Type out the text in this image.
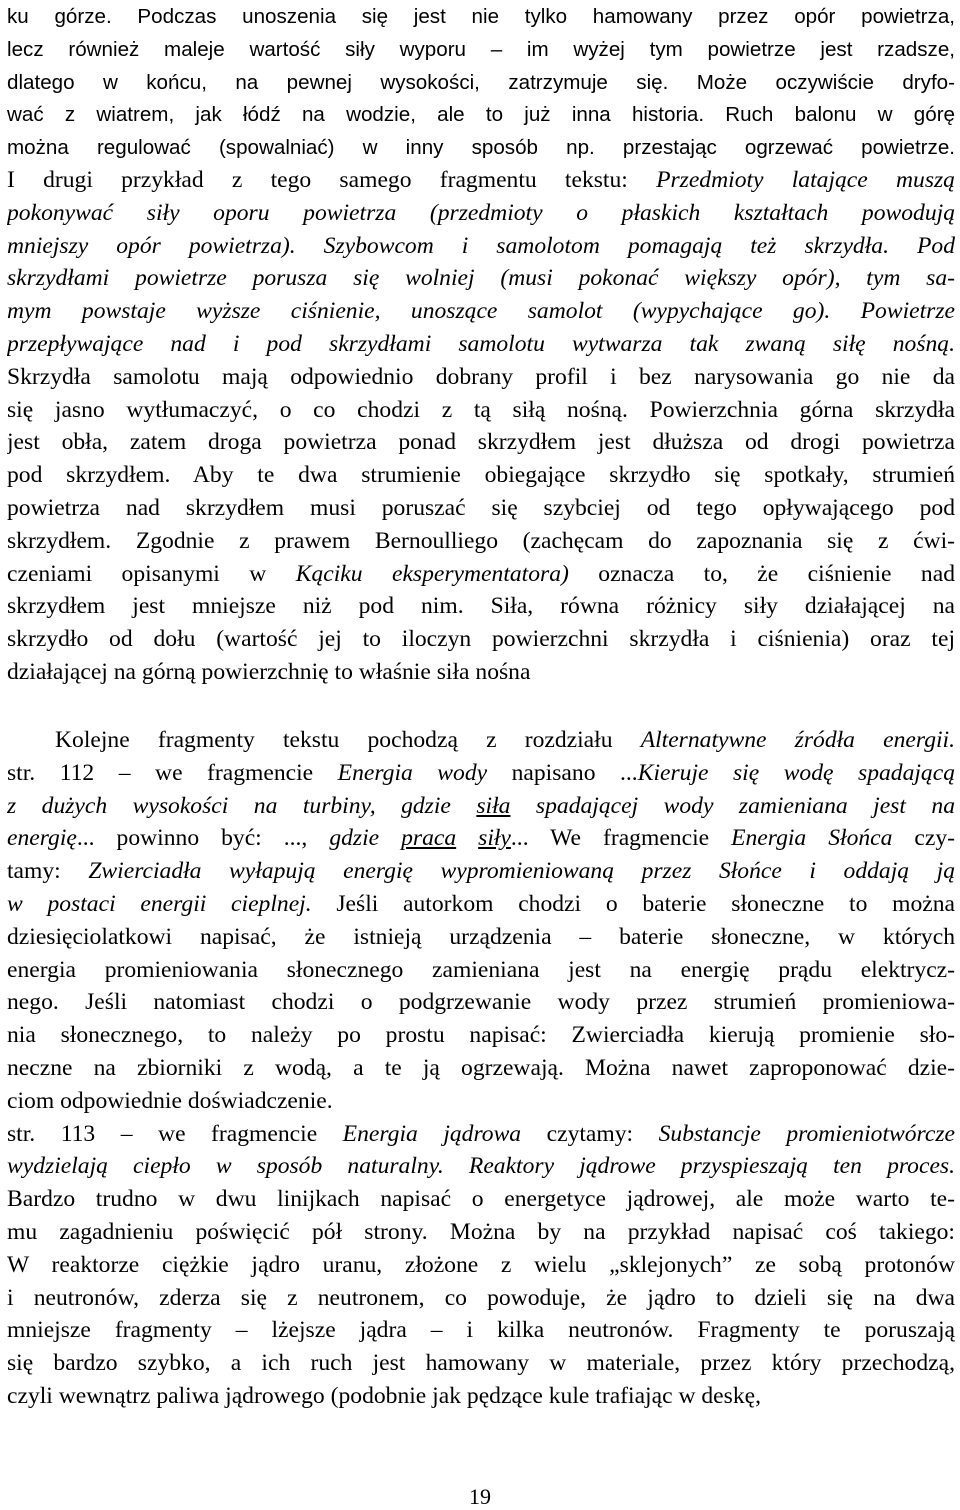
ku górze. Podczas unoszenia się jest nie tylko hamowany przez opór powietrza,
lecz również maleje wartość siły wyporu – im wyżej tym powietrze jest rzadsze,
dlatego w końcu, na pewnej wysokości, zatrzymuje się. Może oczywiście dryfo-
wać z wiatrem, jak łódź na wodzie, ale to już inna historia. Ruch balonu w górę
można regulować (spowalniać) w inny sposób np. przestając ogrzewać powietrze.
I drugi przykład z tego samego fragmentu tekstu: Przedmioty latające muszą
pokonywać siły oporu powietrza (przedmioty o płaskich kształtach powodują
mniejszy opór powietrza). Szybowcom i samolotom pomagają też skrzydła. Pod
skrzydłami powietrze porusza się wolniej (musi pokonać większy opór), tym sa-
mym powstaje wyższe ciśnienie, unoszące samolot (wypychające go). Powietrze
przepływające nad i pod skrzydłami samolotu wytwarza tak zwaną siłę nośną.
Skrzydła samolotu mają odpowiednio dobrany profil i bez narysowania go nie da
się jasno wytłumaczyć, o co chodzi z tą siłą nośną. Powierzchnia górna skrzydła
jest obła, zatem droga powietrza ponad skrzydłem jest dłuższa od drogi powietrza
pod skrzydłem. Aby te dwa strumienie obiegające skrzydło się spotkały, strumień
powietrza nad skrzydłem musi poruszać się szybciej od tego opływającego pod
skrzydłem. Zgodnie z prawem Bernoulliego (zachęcam do zapoznania się z ćwi-
czeniami opisanymi w Kąciku eksperymentatora) oznacza to, że ciśnienie nad
skrzydłem jest mniejsze niż pod nim. Siła, równa różnicy siły działającej na
skrzydło od dołu (wartość jej to iloczyn powierzchni skrzydła i ciśnienia) oraz tej
działającej na górną powierzchnię to właśnie siła nośna
Kolejne fragmenty tekstu pochodzą z rozdziału Alternatywne źródła energii.
str. 112 – we fragmencie Energia wody napisano ...Kieruje się wodę spadającą
z dużych wysokości na turbiny, gdzie siła spadającej wody zamieniana jest na
energię... powinno być: ..., gdzie praca siły... We fragmencie Energia Słońca czy-
tamy: Zwierciadła wyłapują energię wypromieniowaną przez Słońce i oddają ją
w postaci energii cieplnej. Jeśli autorkom chodzi o baterie słoneczne to można
dziesięciolatkowi napisać, że istnieją urządzenia – baterie słoneczne, w których
energia promieniowania słonecznego zamieniana jest na energię prądu elektrycz-
nego. Jeśli natomiast chodzi o podgrzewanie wody przez strumień promieniowa-
nia słonecznego, to należy po prostu napisać: Zwierciadła kierują promienie sło-
neczne na zbiorniki z wodą, a te ją ogrzewają. Można nawet zaproponować dzie-
ciom odpowiednie doświadczenie.
str. 113 – we fragmencie Energia jądrowa czytamy: Substancje promieniotwórcze
wydzielają ciepło w sposób naturalny. Reaktory jądrowe przyspieszają ten proces.
Bardzo trudno w dwu linijkach napisać o energetyce jądrowej, ale może warto te-
mu zagadnieniu poświęcić pół strony. Można by na przykład napisać coś takiego:
W reaktorze ciężkie jądro uranu, złożone z wielu „sklejonych” ze sobą protonów
i neutronów, zderza się z neutronem, co powoduje, że jądro to dzieli się na dwa
mniejsze fragmenty – lżejsze jądra – i kilka neutronów. Fragmenty te poruszają
się bardzo szybko, a ich ruch jest hamowany w materiale, przez który przechodzą,
czyli wewnątrz paliwa jądrowego (podobnie jak pędzące kule trafiając w deskę,
19
